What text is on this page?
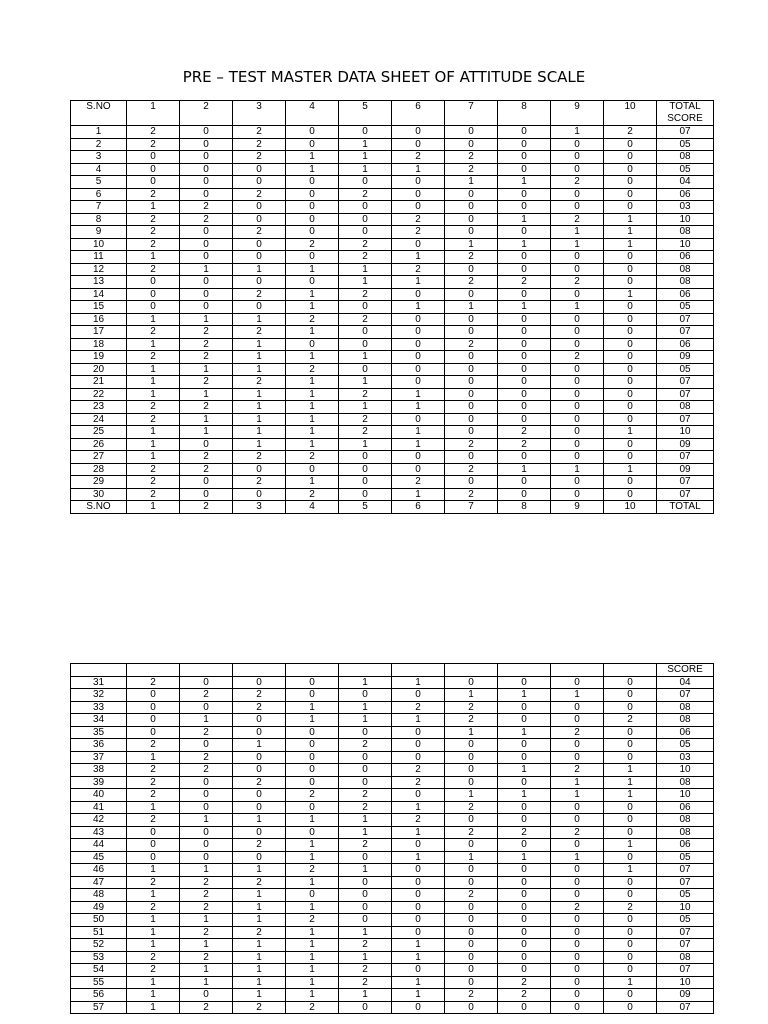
PRE – TEST MASTER DATA SHEET OF ATTITUDE SCALE
S.NO	1	2	3	4	5	6	7	8	9	10	TOTAL
SCORE
1	2	0	2	0	0	0	0	0	1	2	07
2	2	0	2	0	1	0	0	0	0	0	05
3	0	0	2	1	1	2	2	0	0	0	08
4	0	0	0	1	1	1	2	0	0	0	05
5	0	0	0	0	0	0	1	1	2	0	04
6	2	0	2	0	2	0	0	0	0	0	06
7	1	2	0	0	0	0	0	0	0	0	03
8	2	2	0	0	0	2	0	1	2	1	10
9	2	0	2	0	0	2	0	0	1	1	08
10	2	0	0	2	2	0	1	1	1	1	10
11	1	0	0	0	2	1	2	0	0	0	06
12	2	1	1	1	1	2	0	0	0	0	08
13	0	0	0	0	1	1	2	2	2	0	08
14	0	0	2	1	2	0	0	0	0	1	06
15	0	0	0	1	0	1	1	1	1	0	05
16	1	1	1	2	2	0	0	0	0	0	07
17	2	2	2	1	0	0	0	0	0	0	07
18	1	2	1	0	0	0	2	0	0	0	06
19	2	2	1	1	1	0	0	0	2	0	09
20	1	1	1	2	0	0	0	0	0	0	05
21	1	2	2	1	1	0	0	0	0	0	07
22	1	1	1	1	2	1	0	0	0	0	07
23	2	2	1	1	1	1	0	0	0	0	08
24	2	1	1	1	2	0	0	0	0	0	07
25	1	1	1	1	2	1	0	2	0	1	10
26	1	0	1	1	1	1	2	2	0	0	09
27	1	2	2	2	0	0	0	0	0	0	07
28	2	2	0	0	0	0	2	1	1	1	09
29	2	0	2	1	0	2	0	0	0	0	07
30	2	0	0	2	0	1	2	0	0	0	07
S.NO	1	2	3	4	5	6	7	8	9	10	TOTAL
											SCORE
31	2	0	0	0	1	1	0	0	0	0	04
32	0	2	2	0	0	0	1	1	1	0	07
33	0	0	2	1	1	2	2	0	0	0	08
34	0	1	0	1	1	1	2	0	0	2	08
35	0	2	0	0	0	0	1	1	2	0	06
36	2	0	1	0	2	0	0	0	0	0	05
37	1	2	0	0	0	0	0	0	0	0	03
38	2	2	0	0	0	2	0	1	2	1	10
39	2	0	2	0	0	2	0	0	1	1	08
40	2	0	0	2	2	0	1	1	1	1	10
41	1	0	0	0	2	1	2	0	0	0	06
42	2	1	1	1	1	2	0	0	0	0	08
43	0	0	0	0	1	1	2	2	2	0	08
44	0	0	2	1	2	0	0	0	0	1	06
45	0	0	0	1	0	1	1	1	1	0	05
46	1	1	1	2	1	0	0	0	0	1	07
47	2	2	2	1	0	0	0	0	0	0	07
48	1	2	1	0	0	0	2	0	0	0	05
49	2	2	1	1	0	0	0	0	2	2	10
50	1	1	1	2	0	0	0	0	0	0	05
51	1	2	2	1	1	0	0	0	0	0	07
52	1	1	1	1	2	1	0	0	0	0	07
53	2	2	1	1	1	1	0	0	0	0	08
54	2	1	1	1	2	0	0	0	0	0	07
55	1	1	1	1	2	1	0	2	0	1	10
56	1	0	1	1	1	1	2	2	0	0	09
57	1	2	2	2	0	0	0	0	0	0	07
